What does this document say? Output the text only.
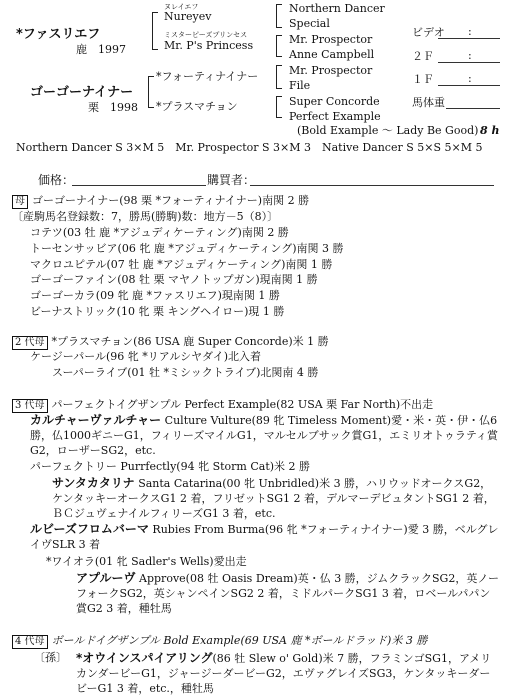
*ファスリエフ
鹿　1997
ヌレイエフ
Nureyev
ミスターピーズプリンセス
Mr. P's Princess
ゴーゴーナイナー
栗　1998
*フォーティナイナー
*プラスマチョン
Northern Dancer
Special
Mr. Prospector
Anne Campbell
Mr. Prospector
File
Super Concorde
Perfect Example
(Bold Example ～ Lady Be Good) 8 h
ビデオ :
２Ｆ	:
１Ｆ	:
馬体重
Northern Dancer S 3×M 5　Mr. Prospector S 3×M 3　Native Dancer S 5×S 5×M 5
価格：	購買者：
母 ゴーゴーナイナー(98 栗 *フォーティナイナー)南関 2 勝
〔産駒馬名登録数：7，勝馬(勝駒)数：地方－5（8）〕
コテツ(03 牡 鹿 *アジュディケーティング)南関 2 勝
トーセンサッビア(06 牝 鹿 *アジュディケーティング)南関 3 勝
マクロユピテル(07 牡 鹿 *アジュディケーティング)南関 1 勝
ゴーゴーファイン(08 牡 栗 マヤノトップガン)現南関 1 勝
ゴーゴーカラ(09 牝 鹿 *ファスリエフ)現南関 1 勝
ビーナストリック(10 牝 栗 キングヘイロー)現 1 勝
2 代母 *プラスマチョン(86 USA 鹿 Super Concorde)米 1 勝
ケージーパール(96 牝 *リアルシヤダイ)北入着
スーパーライブ(01 牡 *ミシックトライブ)北関南 4 勝
3 代母 パーフェクトイグザンプル Perfect Example(82 USA 栗 Far North)不出走
カルチャーヴァルチャー Culture Vulture(89 牝 Timeless Moment)愛・米・英・伊・仏6 勝，仏1000ギニーG1，フィリーズマイルG1，マルセルブサック賞G1，エミリオトゥラティ賞G2，ローザーSG2，etc.
パーフェクトリー Purrfectly(94 牝 Storm Cat)米 2 勝
サンタカタリナ Santa Catarina(00 牝 Unbridled)米 3 勝，ハリウッドオークスG2，ケンタッキーオークスG1 2 着，フリゼットSG1 2 着，デルマーデビュタントSG1 2 着，ＢＣジュヴェナイルフィリーズG1 3 着，etc.
ルビーズフロムバーマ Rubies From Burma(96 牝 *フォーティナイナー)愛 3 勝，ベルグレイヴSLR 3 着
*ワイオラ(01 牝 Sadler's Wells)愛出走
アプルーヴ Approve(08 牡 Oasis Dream)英・仏 3 勝，ジムクラックSG2，英ノーフォークSG2，英シャンペインSG2 2 着，ミドルパークSG1 3 着，ロベールパパン賞G2 3 着，種牡馬
4 代母 ボールドイグザンプル Bold Example(69 USA 鹿 *ボールドラッド)米 3 勝
〔孫〕 *オウインスパイアリング(86 牡 Slew o' Gold)米 7 勝，フラミンゴSG1，アメリカンダービーG1，ジャージーダービーG2，エヴァグレイズSG3，ケンタッキーダービーG1 3 着，etc.，種牡馬
